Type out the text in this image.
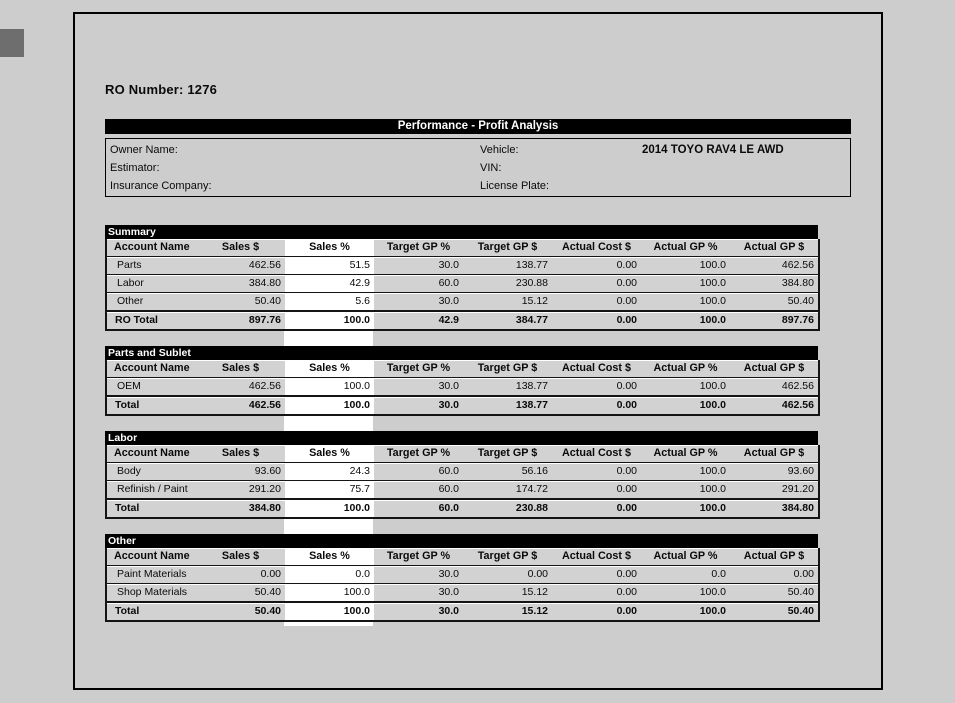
RO Number: 1276
Performance - Profit Analysis
Owner Name:	Vehicle:	2014 TOYO RAV4 LE AWD
Estimator:	VIN:
Insurance Company:	License Plate:
Summary
Account Name	Sales $	Sales %	Target GP %	Target GP $	Actual Cost $	Actual GP %	Actual GP $
Parts	462.56	51.5	30.0	138.77	0.00	100.0	462.56
Labor	384.80	42.9	60.0	230.88	0.00	100.0	384.80
Other	50.40	5.6	30.0	15.12	0.00	100.0	50.40
RO Total	897.76	100.0	42.9	384.77	0.00	100.0	897.76
Parts and Sublet
Account Name	Sales $	Sales %	Target GP %	Target GP $	Actual Cost $	Actual GP %	Actual GP $
OEM	462.56	100.0	30.0	138.77	0.00	100.0	462.56
Total	462.56	100.0	30.0	138.77	0.00	100.0	462.56
Labor
Account Name	Sales $	Sales %	Target GP %	Target GP $	Actual Cost $	Actual GP %	Actual GP $
Body	93.60	24.3	60.0	56.16	0.00	100.0	93.60
Refinish / Paint	291.20	75.7	60.0	174.72	0.00	100.0	291.20
Total	384.80	100.0	60.0	230.88	0.00	100.0	384.80
Other
Account Name	Sales $	Sales %	Target GP %	Target GP $	Actual Cost $	Actual GP %	Actual GP $
Paint Materials	0.00	0.0	30.0	0.00	0.00	0.0	0.00
Shop Materials	50.40	100.0	30.0	15.12	0.00	100.0	50.40
Total	50.40	100.0	30.0	15.12	0.00	100.0	50.40
